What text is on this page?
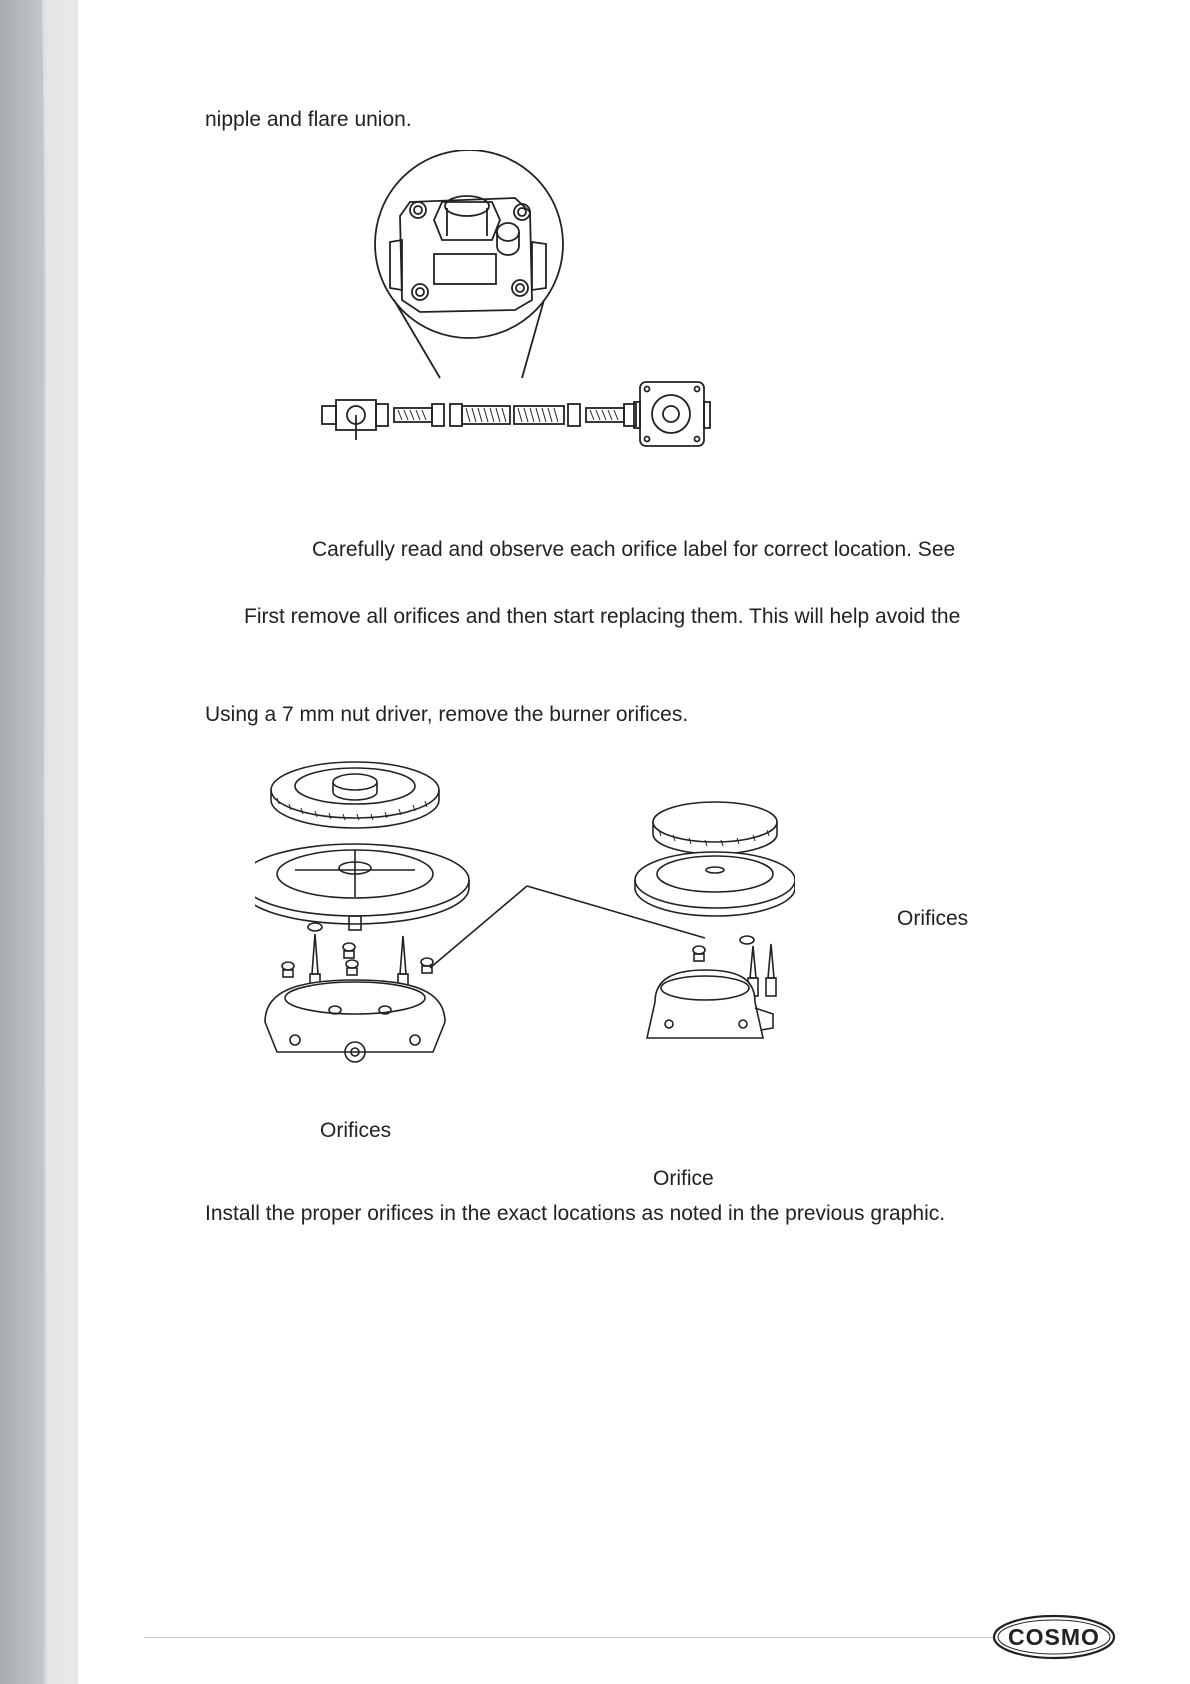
nipple and flare union.
Carefully read and observe each orifice label for correct location. See
First remove all orifices and then start replacing them. This will help avoid the
Using a 7 mm nut driver, remove the burner orifices.
Orifices
Orifices
Orifice
Install the proper orifices in the exact locations as noted in the previous graphic.
COSMO
